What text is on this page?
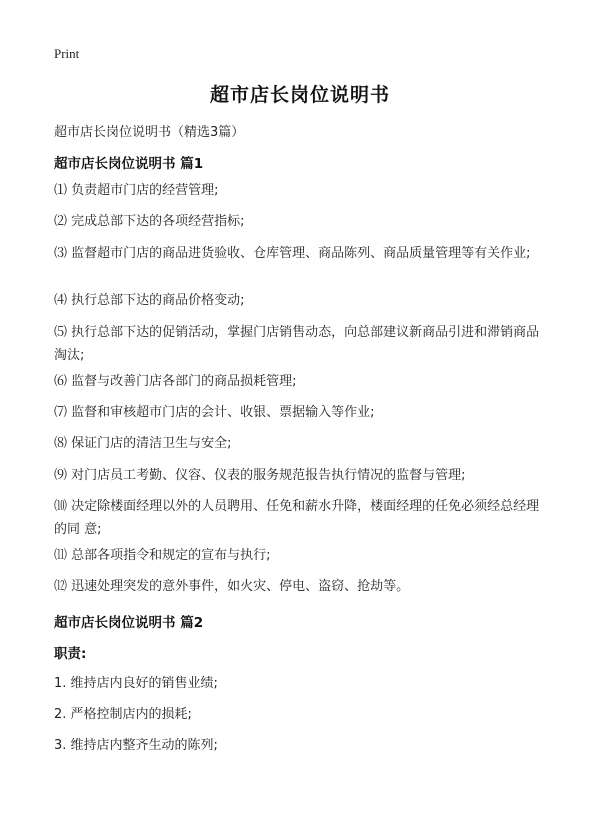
Print
超市店长岗位说明书
超市店长岗位说明书（精选3篇）
超市店长岗位说明书 篇1
⑴ 负责超市门店的经营管理;
⑵ 完成总部下达的各项经营指标;
⑶ 监督超市门店的商品进货验收、仓库管理、商品陈列、商品质量管理等有关作业;
⑷ 执行总部下达的商品价格变动;
⑸ 执行总部下达的促销活动，掌握门店销售动态，向总部建议新商品引进和滞销商品 淘汰;
⑹ 监督与改善门店各部门的商品损耗管理;
⑺ 监督和审核超市门店的会计、收银、票据输入等作业;
⑻ 保证门店的清洁卫生与安全;
⑼ 对门店员工考勤、仪容、仪表的服务规范报告执行情况的监督与管理;
⑽ 决定除楼面经理以外的人员聘用、任免和薪水升降，楼面经理的任免必须经总经理的同 意;
⑾ 总部各项指令和规定的宣布与执行;
⑿ 迅速处理突发的意外事件，如火灾、停电、盗窃、抢劫等。
超市店长岗位说明书 篇2
职责:
1. 维持店内良好的销售业绩;
2. 严格控制店内的损耗;
3. 维持店内整齐生动的陈列;
